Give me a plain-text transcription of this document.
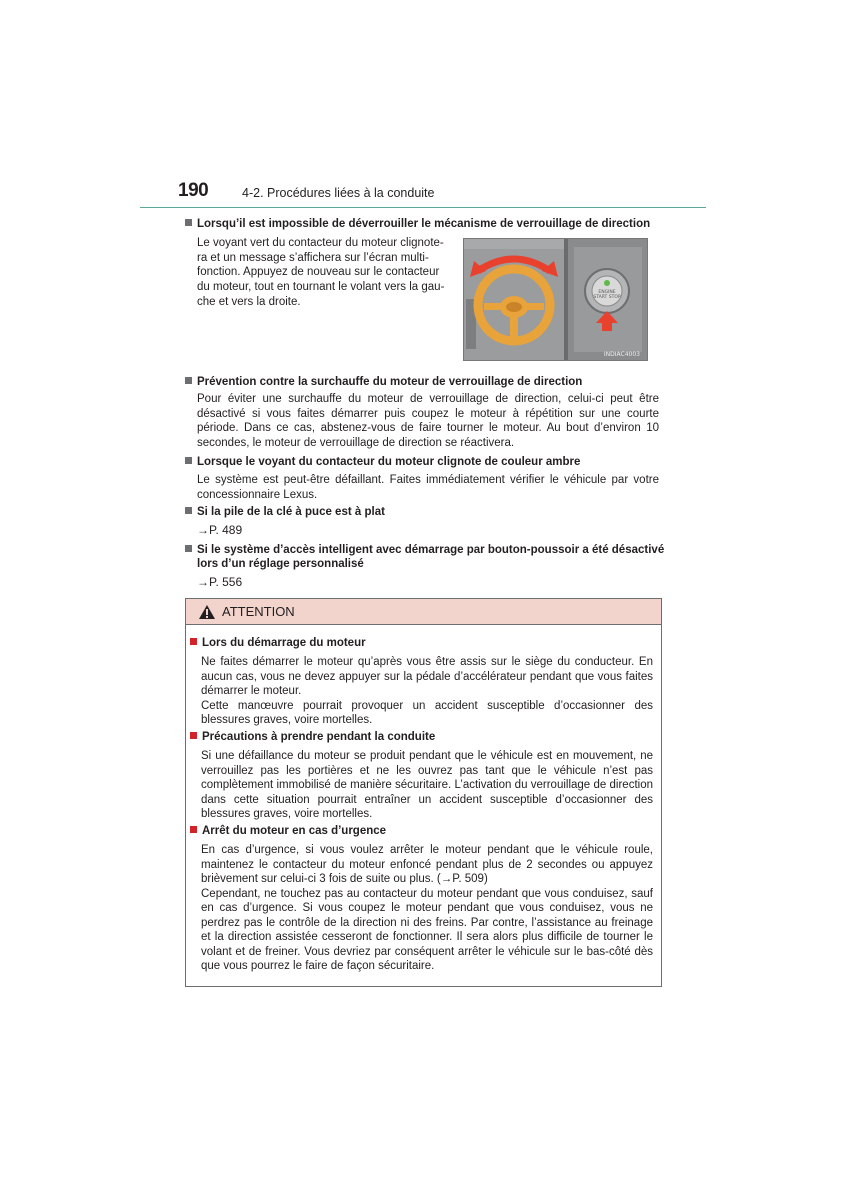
190	4-2. Procédures liées à la conduite
Lorsqu’il est impossible de déverrouiller le mécanisme de verrouillage de direction

Le voyant vert du contacteur du moteur clignote-

ra et un message s’affichera sur l’écran multi-

fonction. Appuyez de nouveau sur le contacteur

du moteur, tout en tournant le volant vers la gau-

che et vers la droite.

ENGINE
START STOP
INDIAC4003
Prévention contre la surchauffe du moteur de verrouillage de direction
Pour éviter une surchauffe du moteur de verrouillage de direction, celui-ci peut être désactivé si vous faites démarrer puis coupez le moteur à répétition sur une courte période. Dans ce cas, abstenez-vous de faire tourner le moteur. Au bout d’environ 10 secondes, le moteur de verrouillage de direction se réactivera.
Lorsque le voyant du contacteur du moteur clignote de couleur ambre
Le système est peut-être défaillant. Faites immédiatement vérifier le véhicule par votre concessionnaire Lexus.
Si la pile de la clé à puce est à plat
→P. 489
Si le système d’accès intelligent avec démarrage par bouton-poussoir a été désactivé
lors d’un réglage personnalisé
→P. 556
ATTENTION
Lors du démarrage du moteur

Ne faites démarrer le moteur qu’après vous être assis sur le siège du conducteur. En aucun cas, vous ne devez appuyer sur la pédale d’accélérateur pendant que vous faites démarrer le moteur.

Cette manœuvre pourrait provoquer un accident susceptible d’occasionner des blessures graves, voire mortelles.

Précautions à prendre pendant la conduite

Si une défaillance du moteur se produit pendant que le véhicule est en mouvement, ne verrouillez pas les portières et ne les ouvrez pas tant que le véhicule n’est pas complètement immobilisé de manière sécuritaire. L’activation du verrouillage de direction dans cette situation pourrait entraîner un accident susceptible d’occasionner des blessures graves, voire mortelles.

Arrêt du moteur en cas d’urgence

En cas d’urgence, si vous voulez arrêter le moteur pendant que le véhicule roule, maintenez le contacteur du moteur enfoncé pendant plus de 2 secondes ou appuyez brièvement sur celui-ci 3 fois de suite ou plus. (→P. 509)

Cependant, ne touchez pas au contacteur du moteur pendant que vous conduisez, sauf en cas d’urgence. Si vous coupez le moteur pendant que vous conduisez, vous ne perdrez pas le contrôle de la direction ni des freins. Par contre, l’assistance au freinage et la direction assistée cesseront de fonctionner. Il sera alors plus difficile de tourner le volant et de freiner. Vous devriez par conséquent arrêter le véhicule sur le bas-côté dès que vous pourrez le faire de façon sécuritaire.
